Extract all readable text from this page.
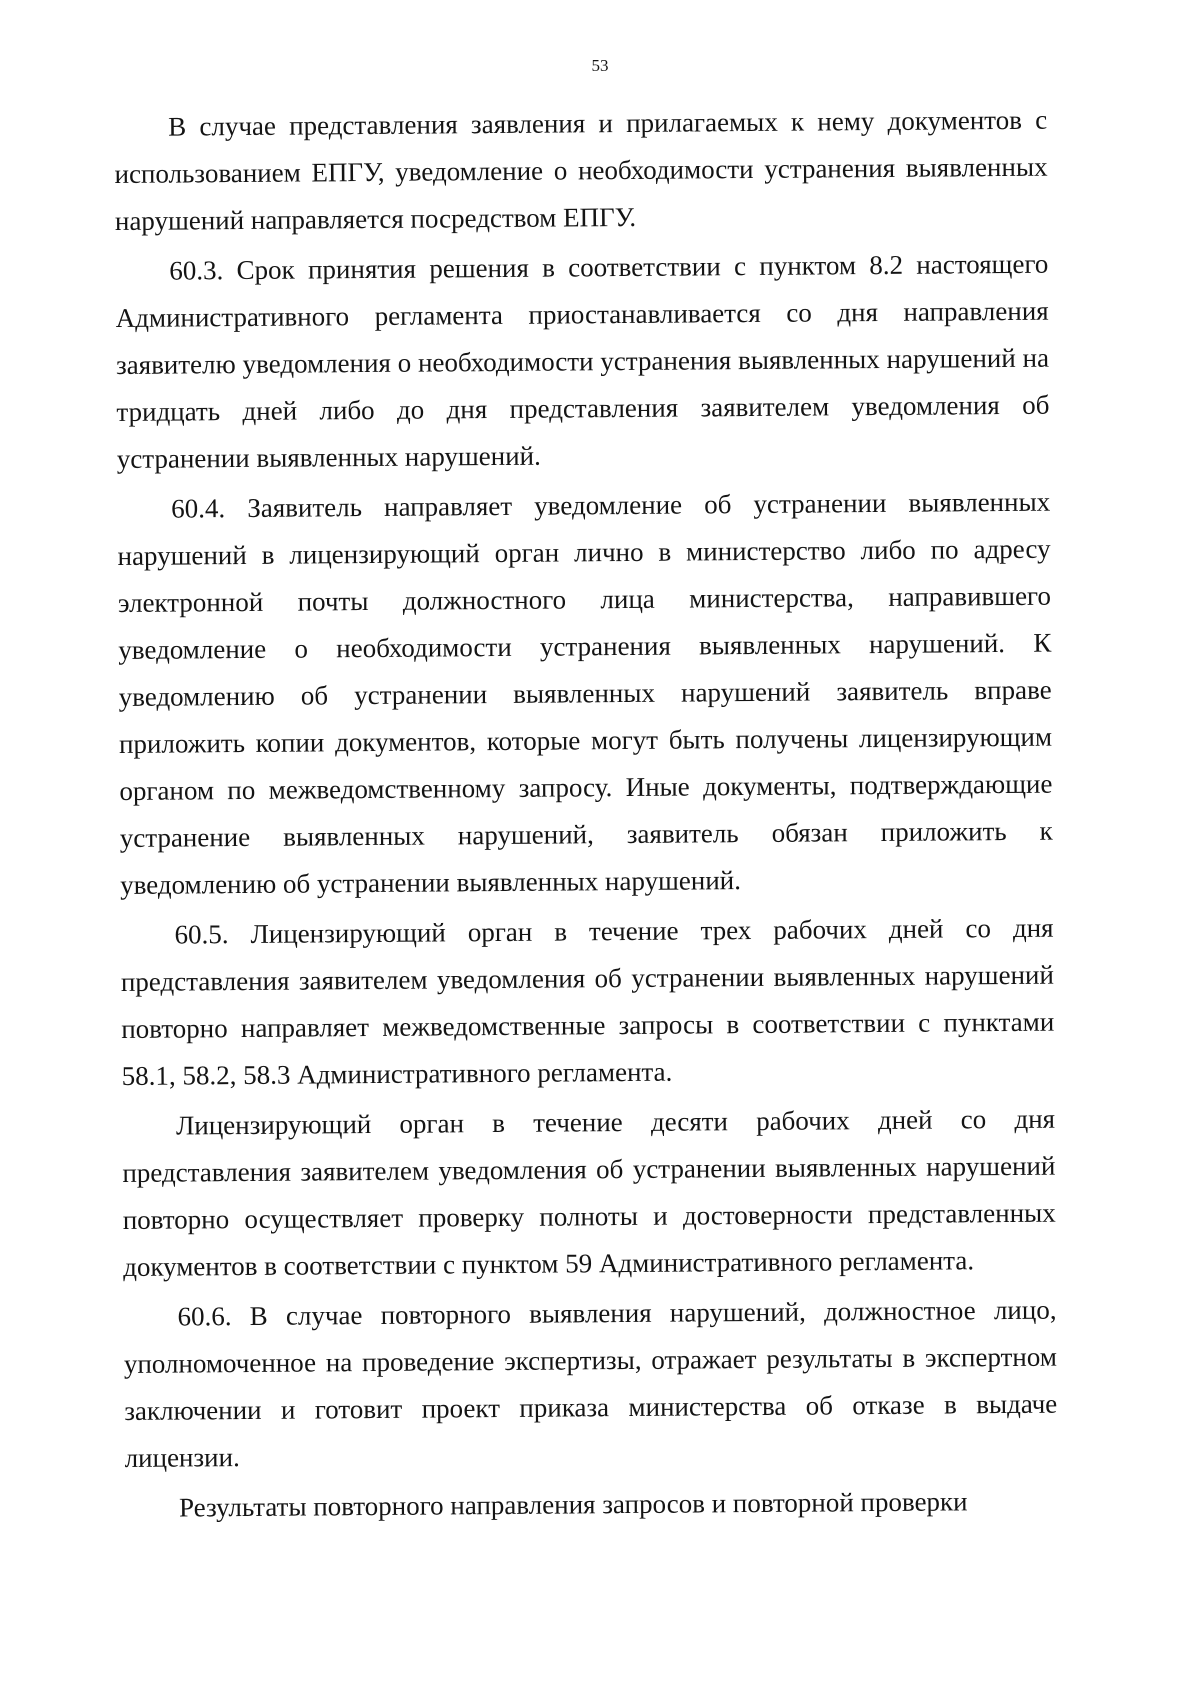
53

В случае представления заявления и прилагаемых к нему документов с использованием ЕПГУ, уведомление о необходимости устранения выявленных нарушений направляется посредством ЕПГУ.

60.3. Срок принятия решения в соответствии с пунктом 8.2 настоящего Административного регламента приостанавливается со дня направления заявителю уведомления о необходимости устранения выявленных нарушений на тридцать дней либо до дня представления заявителем уведомления об устранении выявленных нарушений.

60.4. Заявитель направляет уведомление об устранении выявленных нарушений в лицензирующий орган лично в министерство либо по адресу электронной почты должностного лица министерства, направившего уведомление о необходимости устранения выявленных нарушений. К уведомлению об устранении выявленных нарушений заявитель вправе приложить копии документов, которые могут быть получены лицензирующим органом по межведомственному запросу. Иные документы, подтверждающие устранение выявленных нарушений, заявитель обязан приложить к уведомлению об устранении выявленных нарушений.

60.5. Лицензирующий орган в течение трех рабочих дней со дня представления заявителем уведомления об устранении выявленных нарушений повторно направляет межведомственные запросы в соответствии с пунктами 58.1, 58.2, 58.3 Административного регламента.

Лицензирующий орган в течение десяти рабочих дней со дня представления заявителем уведомления об устранении выявленных нарушений повторно осуществляет проверку полноты и достоверности представленных документов в соответствии с пунктом 59 Административного регламента.

60.6. В случае повторного выявления нарушений, должностное лицо, уполномоченное на проведение экспертизы, отражает результаты в экспертном заключении и готовит проект приказа министерства об отказе в выдаче лицензии.

Результаты повторного направления запросов и повторной проверки
